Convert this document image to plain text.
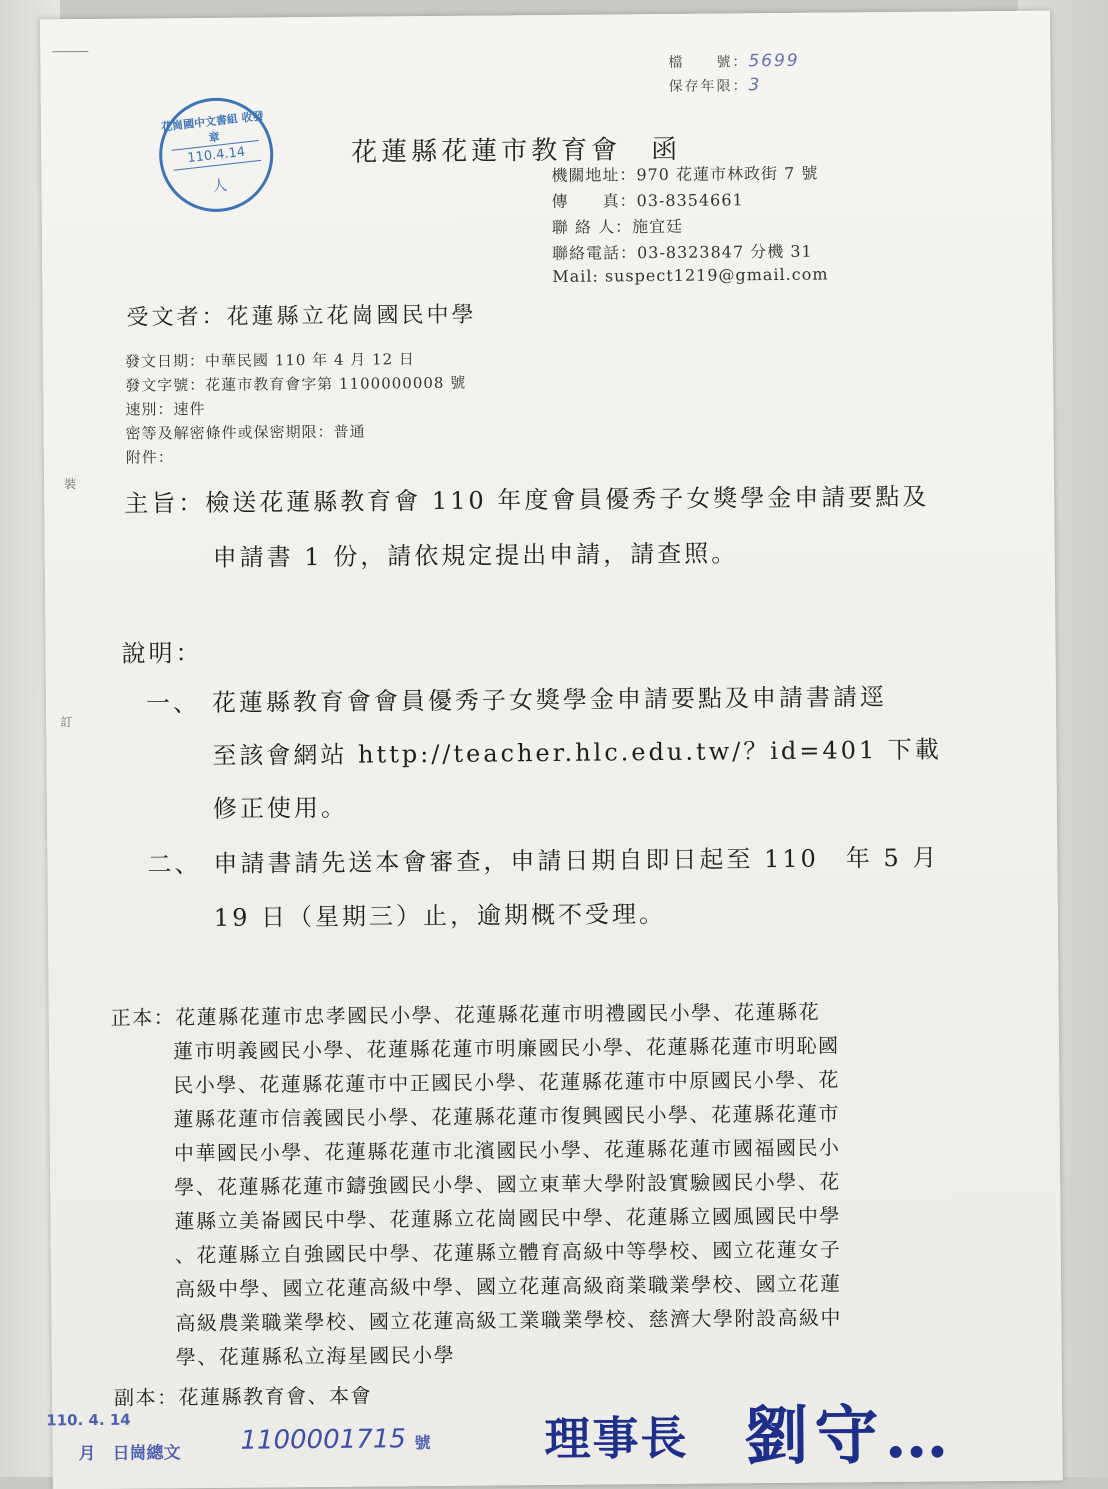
檔　　號：5699
保存年限：3
花崗國中文書組 收發章
110.4.14
人
花蓮縣花蓮市教育會　函
機關地址：970 花蓮市林政街 7 號
傳　　真：03-8354661
聯 絡 人：施宜廷
聯絡電話：03-8323847 分機 31
Mail: suspect1219@gmail.com
受文者：花蓮縣立花崗國民中學
發文日期：中華民國 110 年 4 月 12 日
發文字號：花蓮市教育會字第 1100000008 號
速別：速件
密等及解密條件或保密期限：普通
附件：
裝
訂
主旨：檢送花蓮縣教育會 110 年度會員優秀子女獎學金申請要點及
申請書 1 份，請依規定提出申請，請查照。
說明：
一、 花蓮縣教育會會員優秀子女獎學金申請要點及申請書請逕
至該會網站 http://teacher.hlc.edu.tw/？id=401 下載
修正使用。
二、 申請書請先送本會審查，申請日期自即日起至 110　年 5 月
19 日（星期三）止，逾期概不受理。
正本：花蓮縣花蓮市忠孝國民小學、花蓮縣花蓮市明禮國民小學、花蓮縣花
蓮市明義國民小學、花蓮縣花蓮市明廉國民小學、花蓮縣花蓮市明恥國
民小學、花蓮縣花蓮市中正國民小學、花蓮縣花蓮市中原國民小學、花
蓮縣花蓮市信義國民小學、花蓮縣花蓮市復興國民小學、花蓮縣花蓮市
中華國民小學、花蓮縣花蓮市北濱國民小學、花蓮縣花蓮市國福國民小
學、花蓮縣花蓮市鑄強國民小學、國立東華大學附設實驗國民小學、花
蓮縣立美崙國民中學、花蓮縣立花崗國民中學、花蓮縣立國風國民中學
、花蓮縣立自強國民中學、花蓮縣立體育高級中等學校、國立花蓮女子
高級中學、國立花蓮高級中學、國立花蓮高級商業職業學校、國立花蓮
高級農業職業學校、國立花蓮高級工業職業學校、慈濟大學附設高級中
學、花蓮縣私立海星國民小學
副本：花蓮縣教育會、本會
110. 4. 14
月　日崗總文 1100001715 號 理事長 劉守…
